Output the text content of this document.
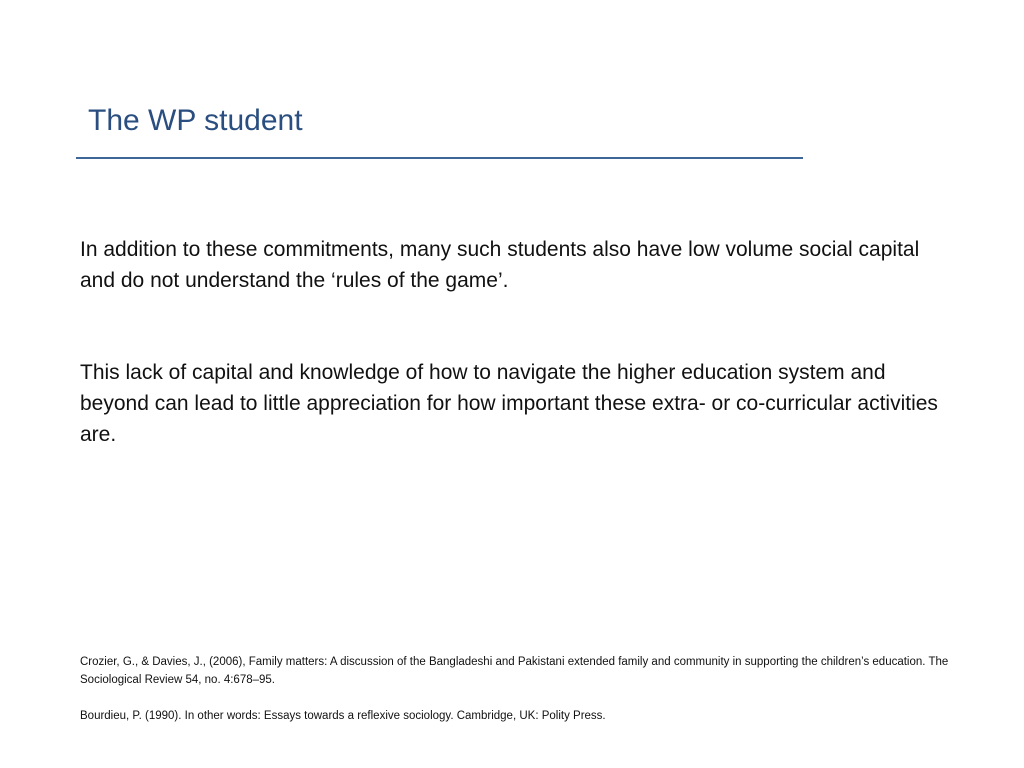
The WP student
In addition to these commitments, many such students also have low volume social capital and do not understand the ‘rules of the game’.
This lack of capital and knowledge of how to navigate the higher education system and beyond can lead to little appreciation for how important these extra- or co-curricular activities are.

Crozier, G., & Davies, J., (2006), Family matters: A discussion of the Bangladeshi and Pakistani extended family and community in supporting the children’s education. The Sociological Review 54, no. 4:678–95.

Bourdieu, P. (1990). In other words: Essays towards a reflexive sociology. Cambridge, UK: Polity Press.
